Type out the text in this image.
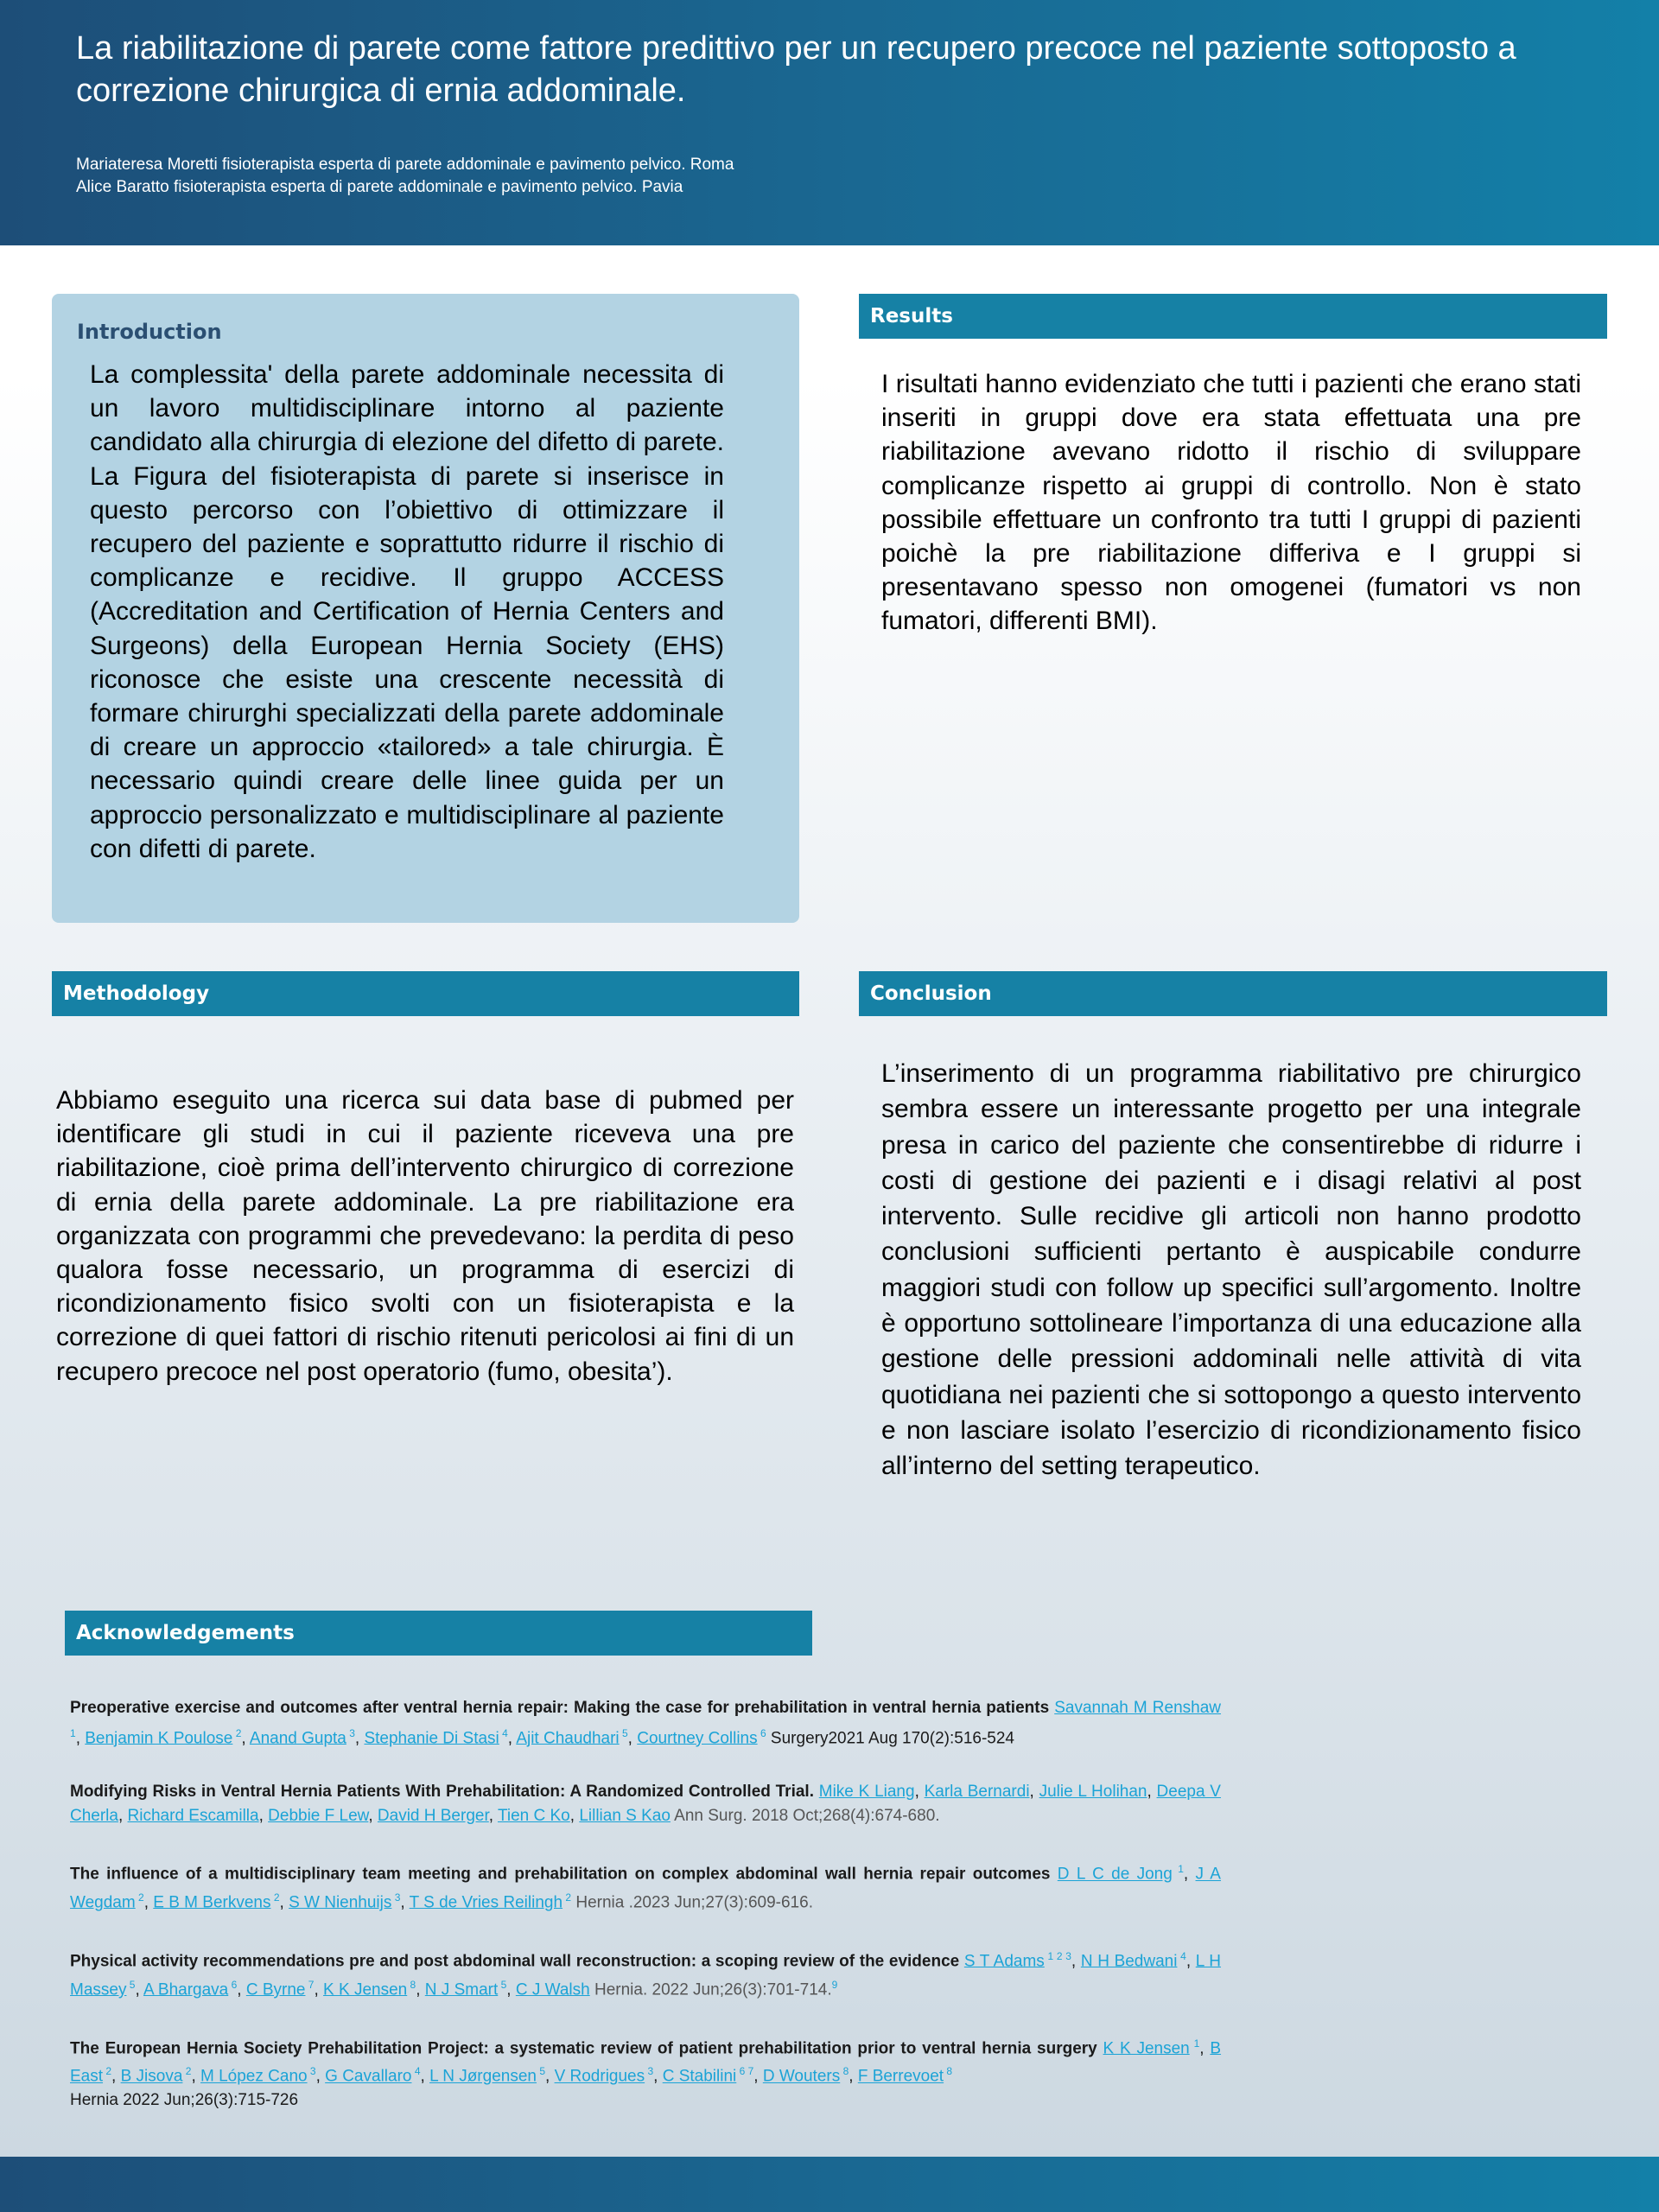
La riabilitazione di parete come fattore predittivo per un recupero precoce nel paziente sottoposto a correzione chirurgica di ernia addominale.
Mariateresa Moretti fisioterapista esperta di parete addominale e pavimento pelvico. Roma
Alice Baratto fisioterapista esperta di parete addominale e pavimento pelvico. Pavia
Introduction

La complessita' della parete addominale necessita di un lavoro multidisciplinare intorno al paziente candidato alla chirurgia di elezione del difetto di parete. La Figura del fisioterapista di parete si inserisce in questo percorso con l’obiettivo di ottimizzare il recupero del paziente e soprattutto ridurre il rischio di complicanze e recidive. Il gruppo ACCESS (Accreditation and Certification of Hernia Centers and Surgeons) della European Hernia Society (EHS) riconosce che esiste una crescente necessità di formare chirurghi specializzati della parete addominale di creare un approccio «tailored» a tale chirurgia. È necessario quindi creare delle linee guida per un approccio personalizzato e multidisciplinare al paziente con difetti di parete.

Results

I risultati hanno evidenziato che tutti i pazienti che erano stati inseriti in gruppi dove era stata effettuata una pre riabilitazione avevano ridotto il rischio di sviluppare complicanze rispetto ai gruppi di controllo. Non è stato possibile effettuare un confronto tra tutti I gruppi di pazienti poichè la pre riabilitazione differiva e I gruppi si presentavano spesso non omogenei (fumatori vs non fumatori, differenti BMI).

Methodology

Abbiamo eseguito una ricerca sui data base di pubmed per identificare gli studi in cui il paziente riceveva una pre riabilitazione, cioè prima dell’intervento chirurgico di correzione di ernia della parete addominale. La pre riabilitazione era organizzata con programmi che prevedevano: la perdita di peso qualora fosse necessario, un programma di esercizi di ricondizionamento fisico svolti con un fisioterapista e la correzione di quei fattori di rischio ritenuti pericolosi ai fini di un recupero precoce nel post operatorio (fumo, obesita’).

Conclusion

L’inserimento di un programma riabilitativo pre chirurgico sembra essere un interessante progetto per una integrale presa in carico del paziente che consentirebbe di ridurre i costi di gestione dei pazienti e i disagi relativi al post intervento. Sulle recidive gli articoli non hanno prodotto conclusioni sufficienti pertanto è auspicabile condurre maggiori studi con follow up specifici sull’argomento. Inoltre è opportuno sottolineare l’importanza di una educazione alla gestione delle pressioni addominali nelle attività di vita quotidiana nei pazienti che si sottopongo a questo intervento e non lasciare isolato l’esercizio di ricondizionamento fisico all’interno del setting terapeutico.

Acknowledgements

Preoperative exercise and outcomes after ventral hernia repair: Making the case for prehabilitation in ventral hernia patients Savannah M Renshaw $^1$, Benjamin K Poulose $^2$, Anand Gupta $^3$, Stephanie Di Stasi $^4$, Ajit Chaudhari $^5$, Courtney Collins $^6$ Surgery2021 Aug 170(2):516-524

Modifying Risks in Ventral Hernia Patients With Prehabilitation: A Randomized Controlled Trial. Mike K Liang, Karla Bernardi, Julie L Holihan, Deepa V Cherla, Richard Escamilla, Debbie F Lew, David H Berger, Tien C Ko, Lillian S Kao Ann Surg. 2018 Oct;268(4):674-680.

The influence of a multidisciplinary team meeting and prehabilitation on complex abdominal wall hernia repair outcomes D L C de Jong $^1$, J A Wegdam $^2$, E B M Berkvens $^2$, S W Nienhuijs $^3$, T S de Vries Reilingh $^2$ Hernia .2023 Jun;27(3):609-616.

Physical activity recommendations pre and post abdominal wall reconstruction: a scoping review of the evidence S T Adams $^{1 2 3}$, N H Bedwani $^4$, L H Massey $^5$, A Bhargava $^6$, C Byrne $^7$, K K Jensen $^8$, N J Smart $^5$, C J Walsh Hernia. 2022 Jun;26(3):701-714.$^9$

The European Hernia Society Prehabilitation Project: a systematic review of patient prehabilitation prior to ventral hernia surgery K K Jensen $^1$, B East $^2$, B Jisova $^2$, M López Cano $^3$, G Cavallaro $^4$, L N Jørgensen $^5$, V Rodrigues $^3$, C Stabilini $^{6 7}$, D Wouters $^8$, F Berrevoet $^8$
Hernia 2022 Jun;26(3):715-726
